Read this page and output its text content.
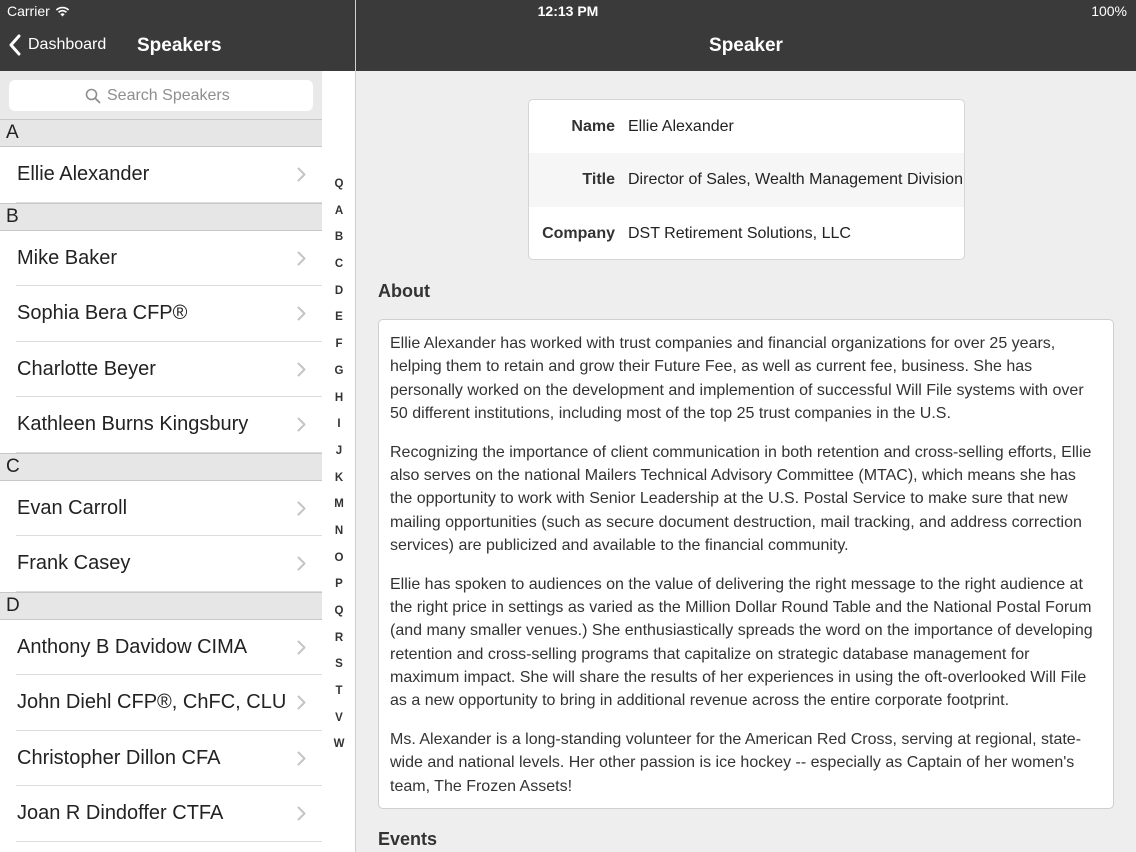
Carrier	12:13 PM	100%
Dashboard Speakers	Speaker
Search Speakers
A
Ellie Alexander
B
Mike Baker
Sophia Bera CFP®
Charlotte Beyer
Kathleen Burns Kingsbury
C
Evan Carroll
Frank Casey
D
Anthony B Davidow CIMA
John Diehl CFP®, ChFC, CLU
Christopher Dillon CFA
Joan R Dindoffer CTFA
Q
A
B
C
D
E
F
G
H
I
J
K
M
N
O
P
Q
R
S
T
V
W
Name Ellie Alexander
Title Director of Sales, Wealth Management Division
Company DST Retirement Solutions, LLC
About

Ellie Alexander has worked with trust companies and financial organizations for over 25 years, helping them to retain and grow their Future Fee, as well as current fee, business. She has personally worked on the development and implemention of successful Will File systems with over 50 different institutions, including most of the top 25 trust companies in the U.S.

Recognizing the importance of client communication in both retention and cross-selling efforts, Ellie also serves on the national Mailers Technical Advisory Committee (MTAC), which means she has the opportunity to work with Senior Leadership at the U.S. Postal Service to make sure that new mailing opportunities (such as secure document destruction, mail tracking, and address correction services) are publicized and available to the financial community.

Ellie has spoken to audiences on the value of delivering the right message to the right audience at the right price in settings as varied as the Million Dollar Round Table and the National Postal Forum (and many smaller venues.) She enthusiastically spreads the word on the importance of developing retention and cross-selling programs that capitalize on strategic database management for maximum impact. She will share the results of her experiences in using the oft-overlooked Will File as a new opportunity to bring in additional revenue across the entire corporate footprint.

Ms. Alexander is a long-standing volunteer for the American Red Cross, serving at regional, state-wide and national levels. Her other passion is ice hockey -- especially as Captain of her women's team, The Frozen Assets!

Events
